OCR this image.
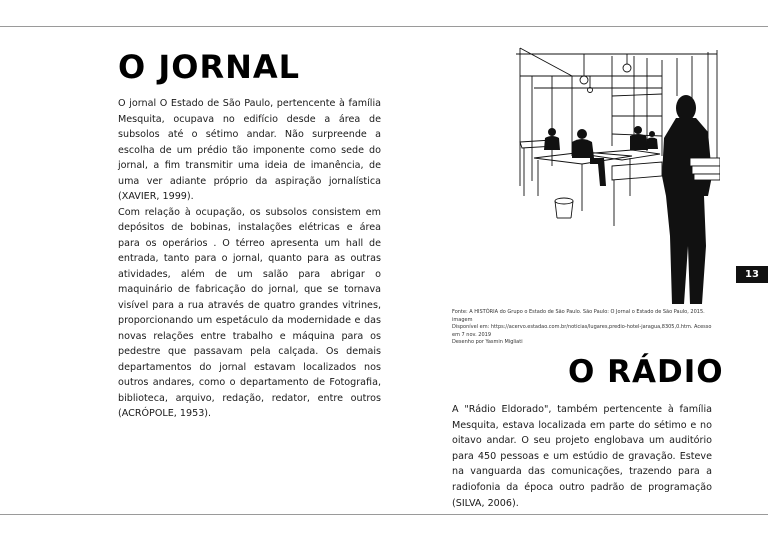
O JORNAL

O jornal O Estado de São Paulo, pertencente à família Mesquita, ocupava no edifício desde a área de subsolos até o sétimo andar. Não surpreende a escolha de um prédio tão imponente como sede do jornal, a fim transmitir uma ideia de imanência, de uma ver adiante próprio da aspiração jornalística (XAVIER, 1999).

Com relação à ocupação, os subsolos consistem em depósitos de bobinas, instalações elétricas e área para os operários . O térreo apresenta um hall de entrada, tanto para o jornal, quanto para as outras atividades, além de um salão para abrigar o maquinário de fabricação do jornal, que se tornava visível para a rua através de quatro grandes vitrines, proporcionando um espetáculo da modernidade e das novas relações entre trabalho e máquina para os pedestre que passavam pela calçada. Os demais departamentos do jornal estavam localizados nos outros andares, como o departamento de Fotografia, biblioteca, arquivo, redação, redator, entre outros (ACRÓPOLE, 1953).

Fonte: A HISTÓRIA do Grupo o Estado de São Paulo. São Paulo: O Jornal o Estado de São Paulo, 2015. imagem
Disponível em: https://acervo.estadao.com.br/noticias/lugares,predio-hotel-jaragua,8305,0.htm. Acesso em 7 nov. 2019
Desenho por Yasmin Migliati
13
O RÁDIO

A "Rádio Eldorado", também pertencente à família Mesquita, estava localizada em parte do sétimo e no oitavo andar. O seu projeto englobava um auditório para 450 pessoas e um estúdio de gravação. Esteve na vanguarda das comunicações, trazendo para a radiofonia da época outro padrão de programação (SILVA, 2006).
